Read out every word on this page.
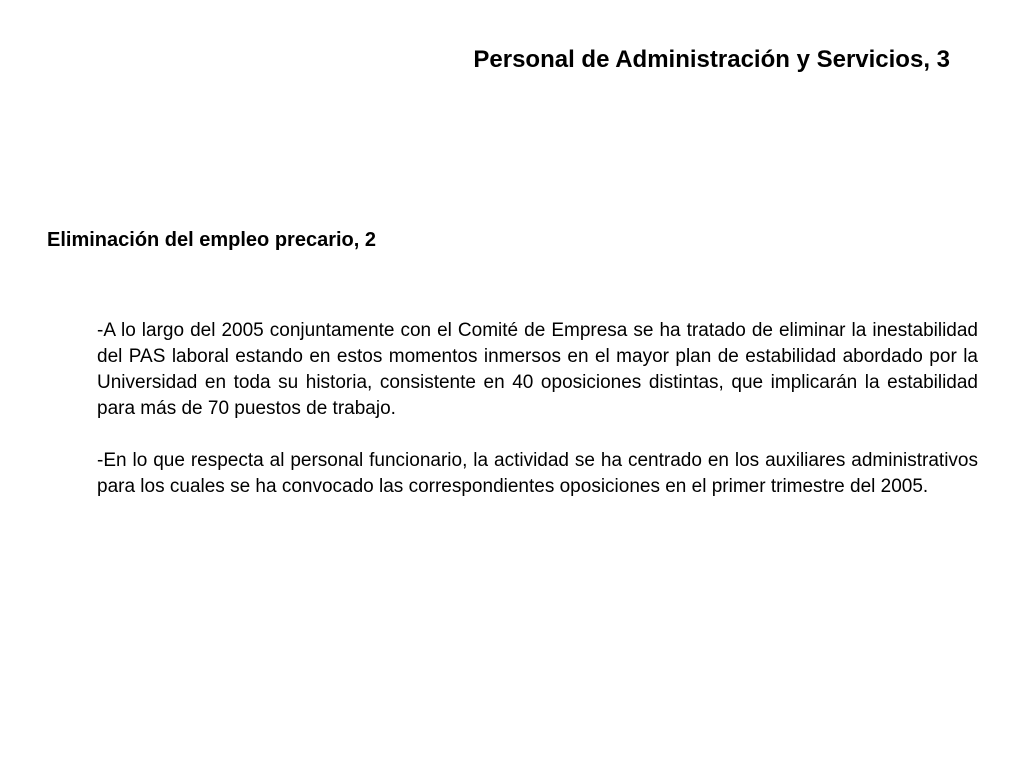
Personal de Administración y Servicios, 3
Eliminación del empleo precario, 2

-A lo largo del 2005 conjuntamente con el Comité de Empresa se ha tratado de eliminar la inestabilidad del PAS laboral estando en estos momentos inmersos en el mayor plan de estabilidad abordado por la Universidad en toda su historia, consistente en 40 oposiciones distintas, que implicarán la estabilidad para más de 70 puestos de trabajo.

-En lo que respecta al personal funcionario, la actividad se ha centrado en los auxiliares administrativos para los cuales se ha convocado las correspondientes oposiciones en el primer trimestre del 2005.
